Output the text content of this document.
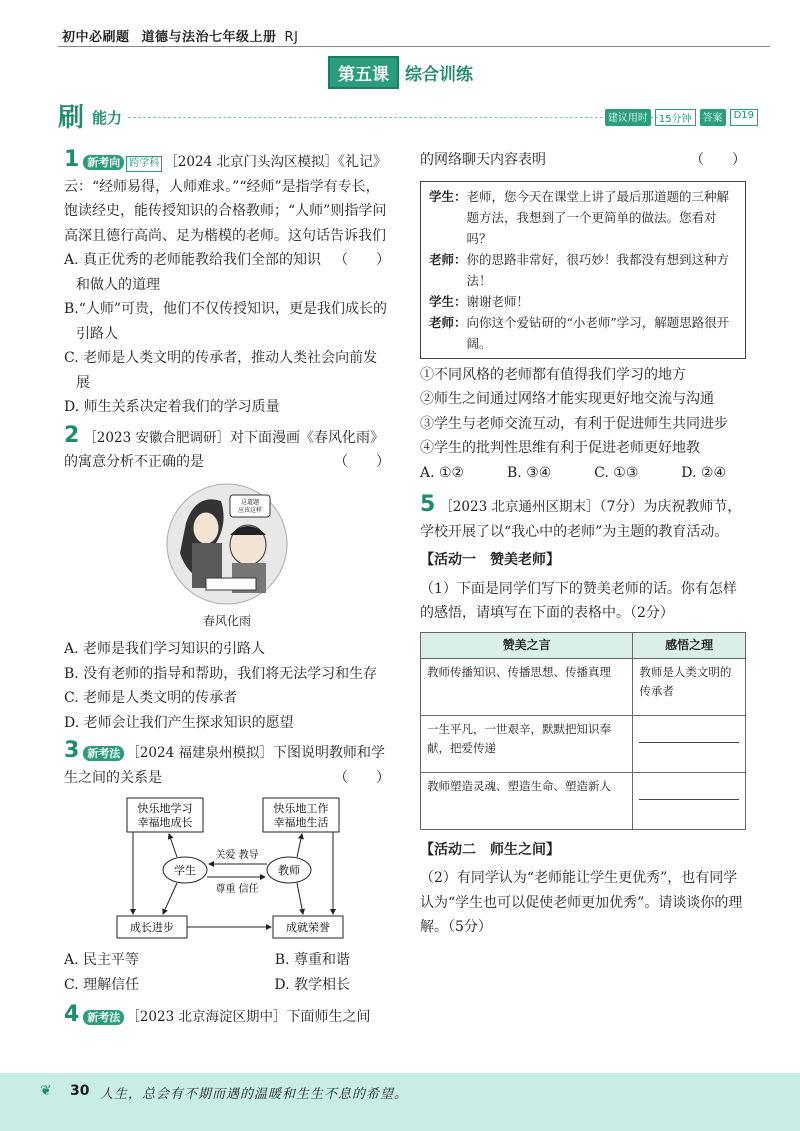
初中必刷题 道德与法治七年级上册 RJ
第五课 综合训练
刷 能力	建议用时	15分钟	答案	D19

1 新考向 跨学科 ［2024 北京门头沟区模拟］《礼记》云：“经师易得，人师难求。”“经师”是指学有专长，饱读经史，能传授知识的合格教师；“人师”则指学问高深且德行高尚、足为楷模的老师。这句话告诉我们
（　　）

A. 真正优秀的老师能教给我们全部的知识和做人的道理

B.“人师”可贵，他们不仅传授知识，更是我们成长的引路人

C. 老师是人类文明的传承者，推动人类社会向前发展

D. 师生关系决定着我们的学习质量

2 ［2023 安徽合肥调研］对下面漫画《春风化雨》的寓意分析不正确的是	（　　）

这道题应该这样

春风化雨

A. 老师是我们学习知识的引路人

B. 没有老师的指导和帮助，我们将无法学习和生存

C. 老师是人类文明的传承者

D. 老师会让我们产生探求知识的愿望

3 新考法 ［2024 福建泉州模拟］下图说明教师和学生之间的关系是	（　　）

快乐地学习
幸福地成长
快乐地工作
幸福地生活
学生	教师
关爱 教导
尊重 信任
成长进步	成就荣誉
A. 民主平等	B. 尊重和谐
C. 理解信任	D. 教学相长

4 新考法 ［2023 北京海淀区期中］下面师生之间

的网络聊天内容表明	（　　）

学生： 老师，您今天在课堂上讲了最后那道题的三种解题方法，我想到了一个更简单的做法。您看对吗？
老师： 你的思路非常好，很巧妙！我都没有想到这种方法！
学生： 谢谢老师！
老师： 向你这个爱钻研的“小老师”学习，解题思路很开阔。

①不同风格的老师都有值得我们学习的地方

②师生之间通过网络才能实现更好地交流与沟通

③学生与老师交流互动，有利于促进师生共同进步

④学生的批判性思维有利于促进老师更好地教

A. ①②	B. ③④	C. ①③	D. ②④

5 ［2023 北京通州区期末］（7分）为庆祝教师节，学校开展了以“我心中的老师”为主题的教育活动。

【活动一　赞美老师】

（1）下面是同学们写下的赞美老师的话。你有怎样的感悟，请填写在下面的表格中。（2分）

赞美之言	感悟之理
教师传播知识、传播思想、传播真理	教师是人类文明的传承者
一生平凡，一世艰辛，默默把知识奉献，把爱传递	

教师塑造灵魂、塑造生命、塑造新人	

【活动二　师生之间】

（2）有同学认为“老师能让学生更优秀”，也有同学认为“学生也可以促使老师更加优秀”。请谈谈你的理解。（5分）

❦ 30 人生，总会有不期而遇的温暖和生生不息的希望。
